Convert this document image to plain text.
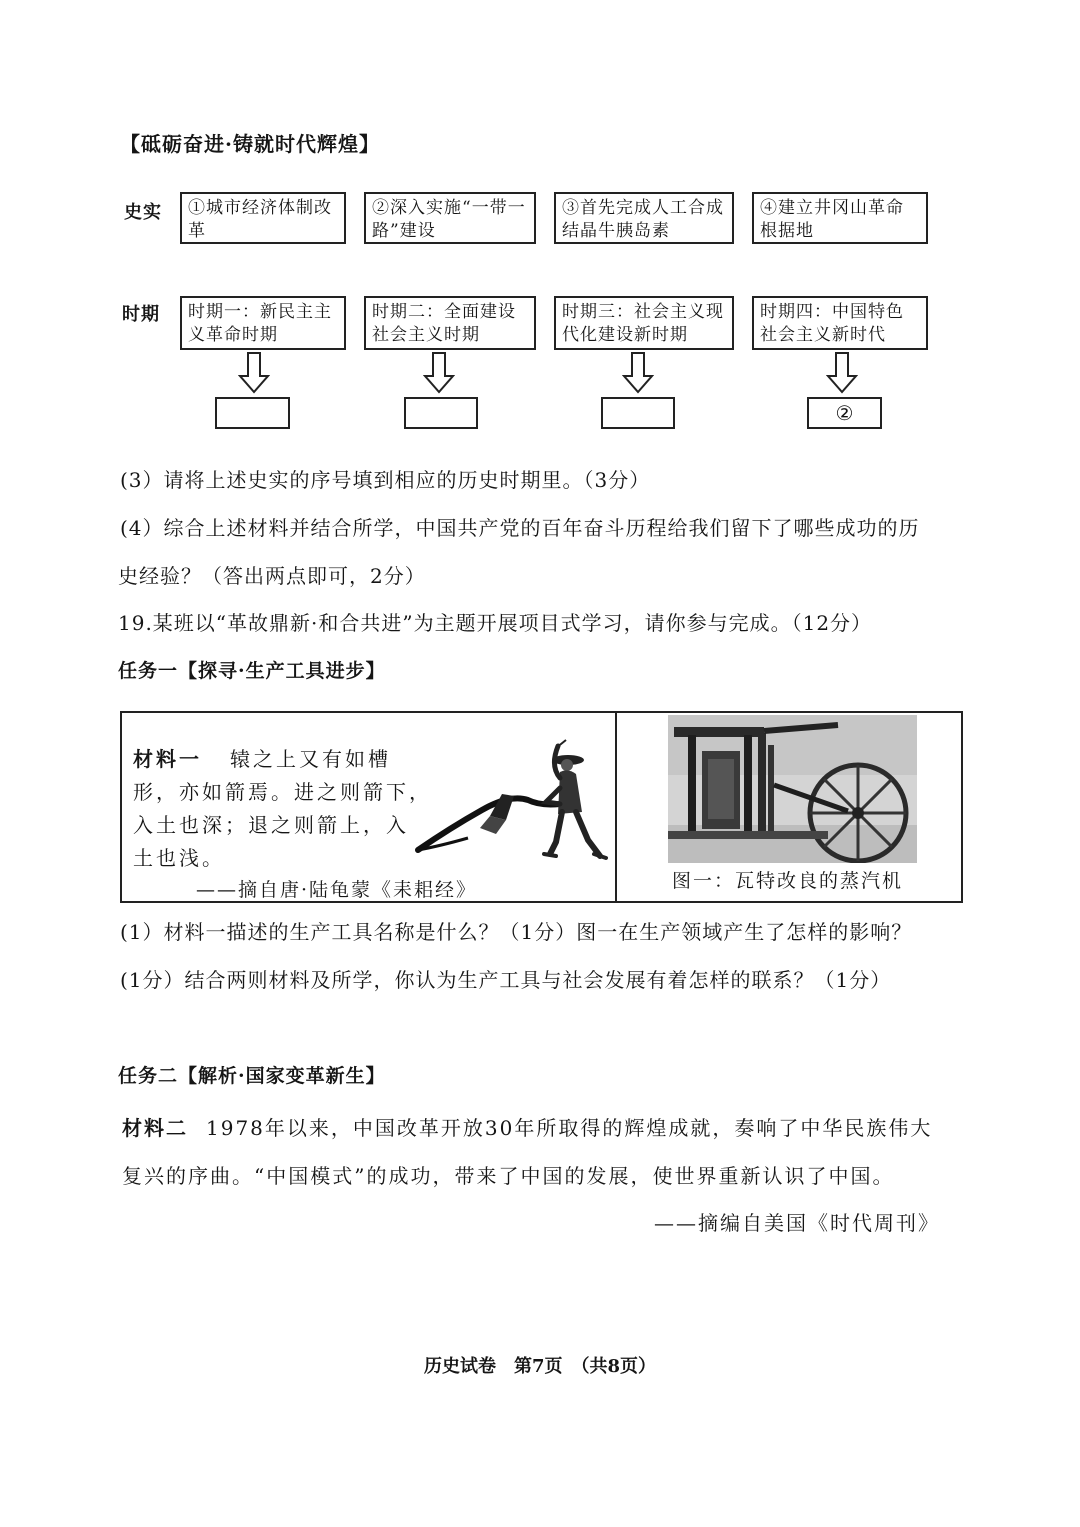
【砥砺奋进·铸就时代辉煌】
史实
时期
①城市经济体制改革
②深入实施“一带一路”建设
③首先完成人工合成结晶牛胰岛素
④建立井冈山革命根据地
时期一：新民主主义革命时期
时期二：全面建设社会主义时期
时期三：社会主义现代化建设新时期
时期四：中国特色社会主义新时代
②
(3）请将上述史实的序号填到相应的历史时期里。（3分）
(4）综合上述材料并结合所学，中国共产党的百年奋斗历程给我们留下了哪些成功的历
史经验？（答出两点即可，2分）
19.某班以“革故鼎新·和合共进”为主题开展项目式学习，请你参与完成。（12分）
任务一【探寻·生产工具进步】
材料一 辕之上又有如槽
形，亦如箭焉。进之则箭下，
入土也深；退之则箭上，入
土也浅。
——摘自唐·陆龟蒙《耒耜经》	图一：瓦特改良的蒸汽机
(1）材料一描述的生产工具名称是什么？（1分）图一在生产领域产生了怎样的影响？
(1分）结合两则材料及所学，你认为生产工具与社会发展有着怎样的联系？（1分）
任务二【解析·国家变革新生】
材料二 1978年以来，中国改革开放30年所取得的辉煌成就，奏响了中华民族伟大
复兴的序曲。“中国模式”的成功，带来了中国的发展，使世界重新认识了中国。
——摘编自美国《时代周刊》
历史试卷　第7页　（共8页）
